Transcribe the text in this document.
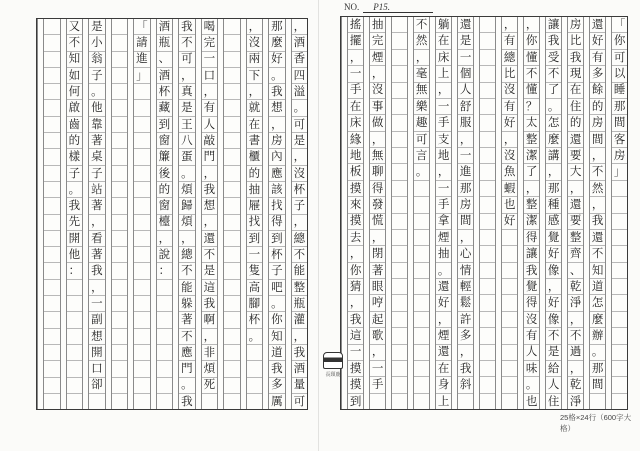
NO. P15.
，
酒
香
四
溢
。
可
是
，
沒
杯
子
，
總
不
能
整
瓶
灌
，
我
酒
量
可
那
麼
好
。
我
想
，
房
內
應
該
找
得
到
杯
子
吧
。
你
知
道
我
多
厲
，
沒
兩
下
，
就
在
書
櫃
的
抽
屜
找
到
一
隻
高
腳
杯
。
喝
完
一
口
，
有
人
敲
門
，
我
想
，
還
不
是
這
我
啊
，
非
煩
死
我
不
可
，
真
是
王
八
蛋
。
煩
歸
煩
，
總
不
能
躲
著
不
應
門
。
我
酒
瓶
、
酒
杯
藏
到
窗
簾
後
的
窗
檯
，
說
：
「
請
進
」
是
小
翁
子
。
他
靠
著
桌
子
站
著
，
看
著
我
，
一
副
想
開
口
卻
又
不
知
如
何
啟
齒
的
樣
子
。
我
先
開
他
：
「
你
可
以
睡
那
間
客
房
」
還
好
有
多
餘
的
房
間
，
不
然
，
我
還
不
知
道
怎
麼
辦
。
那
間
房
比
我
現
在
住
的
還
要
大
，
還
要
整
齊
、
乾
淨
，
不
過
，
乾
淨
讓
我
受
不
了
。
怎
麼
講
，
那
種
感
覺
好
像
，
好
像
不
是
給
人
住
，
你
懂
不
懂
？
太
整
潔
了
，
整
潔
得
讓
我
覺
得
沒
有
人
味
。
也
，
有
總
比
沒
有
好
，
沒
魚
蝦
也
好
還
是
一
個
人
舒
服
，
一
進
那
房
間
，
心
情
輕
鬆
許
多
，
我
斜
躺
在
床
上
，
一
手
支
地
，
一
手
拿
煙
抽
。
還
好
，
煙
還
在
身
上
不
然
，
毫
無
樂
趣
可
言
。
抽
完
煙
，
沒
事
做
，
無
聊
得
發
慌
，
閉
著
眼
哼
起
歌
，
一
手
搖
擺
，
一
手
在
床
緣
地
板
摸
來
摸
去
，
你
猜
，
我
這
一
摸
摸
到
長頸鹿
25格×24行（600字大格）
